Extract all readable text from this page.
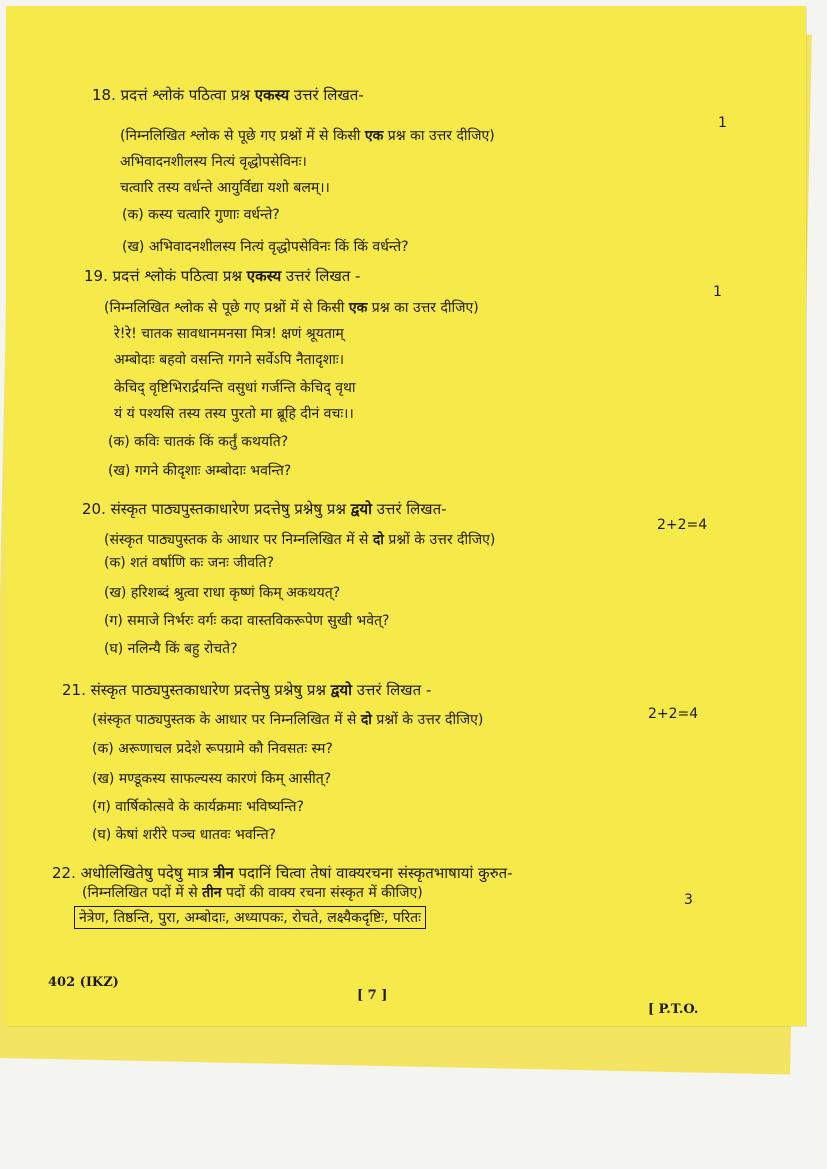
18. प्रदत्तं श्लोकं पठित्वा प्रश्न एकस्य उत्तरं लिखत-
(निम्नलिखित श्लोक से पूछे गए प्रश्नों में से किसी एक प्रश्न का उत्तर दीजिए)
1
अभिवादनशीलस्य नित्यं वृद्धोपसेविनः।
चत्वारि तस्य वर्धन्ते आयुर्विद्या यशो बलम्।।
(क) कस्य चत्वारि गुणाः वर्धन्ते?
(ख) अभिवादनशीलस्य नित्यं वृद्धोपसेविनः किं किं वर्धन्ते?
19. प्रदत्तं श्लोकं पठित्वा प्रश्न एकस्य उत्तरं लिखत -
1
(निम्नलिखित श्लोक से पूछे गए प्रश्नों में से किसी एक प्रश्न का उत्तर दीजिए)
रे!रे! चातक सावधानमनसा मित्र! क्षणं श्रूयताम्
अम्बोदाः बहवो वसन्ति गगने सर्वेऽपि नैतादृशाः।
केचिद् वृष्टिभिरार्द्रयन्ति वसुधां गर्जन्ति केचिद् वृथा
यं यं पश्यसि तस्य तस्य पुरतो मा ब्रूहि दीनं वचः।।
(क) कविः चातकं किं कर्तुं कथयति?
(ख) गगने कीदृशाः अम्बोदाः भवन्ति?
20. संस्कृत पाठ्यपुस्तकाधारेण प्रदत्तेषु प्रश्नेषु प्रश्न द्वयो उत्तरं लिखत-
2+2=4
(संस्कृत पाठ्यपुस्तक के आधार पर निम्नलिखित में से दो प्रश्नों के उत्तर दीजिए)
(क) शतं वर्षाणि कः जनः जीवति?
(ख) हरिशब्दं श्रुत्वा राधा कृष्णं किम् अकथयत्?
(ग) समाजे निर्भरः वर्गः कदा वास्तविकरूपेण सुखी भवेत्?
(घ) नलिन्यै किं बहु रोचते?
21. संस्कृत पाठ्यपुस्तकाधारेण प्रदत्तेषु प्रश्नेषु प्रश्न द्वयो उत्तरं लिखत -
2+2=4
(संस्कृत पाठ्यपुस्तक के आधार पर निम्नलिखित में से दो प्रश्नों के उत्तर दीजिए)
(क) अरूणाचल प्रदेशे रूपग्रामे कौ निवसतः स्म?
(ख) मण्डूकस्य साफल्यस्य कारणं किम् आसीत्?
(ग) वार्षिकोत्सवे के कार्यक्रमाः भविष्यन्ति?
(घ) केषां शरीरे पञ्च धातवः भवन्ति?
22. अधोलिखितेषु पदेषु मात्र त्रीन पदानिं चित्वा तेषां वाक्यरचना संस्कृतभाषायां कुरुत-
3
(निम्नलिखित पदों में से तीन पदों की वाक्य रचना संस्कृत में कीजिए)
नेत्रेण, तिष्ठन्ति, पुरा, अम्बोदाः, अध्यापकः, रोचते, लक्ष्यैकदृष्टिः, परितः
402 (IKZ)
[ 7 ]
[ P.T.O.
